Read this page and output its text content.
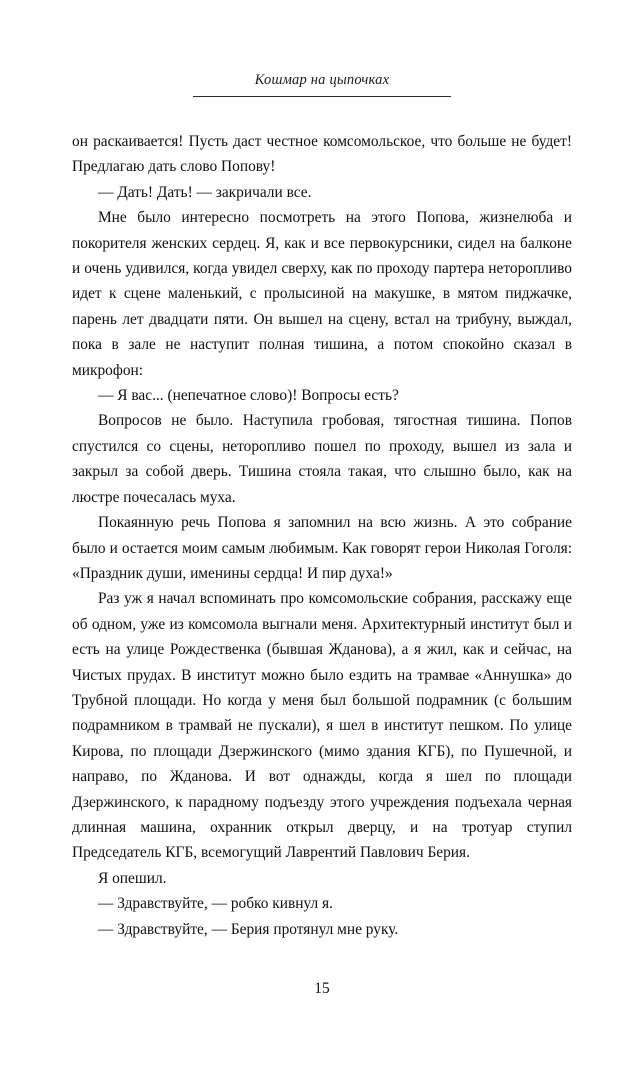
Кошмар на цыпочках

он раскаивается! Пусть даст честное комсомольское, что больше не будет! Предлагаю дать слово Попову!

— Дать! Дать! — закричали все.

Мне было интересно посмотреть на этого Попова, жизнелюба и покорителя женских сердец. Я, как и все первокурсники, сидел на балконе и очень удивился, когда увидел сверху, как по проходу партера неторопливо идет к сцене маленький, с пролысиной на макушке, в мятом пиджачке, парень лет двадцати пяти. Он вышел на сцену, встал на трибуну, выждал, пока в зале не наступит полная тишина, а потом спокойно сказал в микрофон:

— Я вас... (непечатное слово)! Вопросы есть?

Вопросов не было. Наступила гробовая, тягостная тишина. Попов спустился со сцены, неторопливо пошел по проходу, вышел из зала и закрыл за собой дверь. Тишина стояла такая, что слышно было, как на люстре почесалась муха.

Покаянную речь Попова я запомнил на всю жизнь. А это собрание было и остается моим самым любимым. Как говорят герои Николая Гоголя: «Праздник души, именины сердца! И пир духа!»

Раз уж я начал вспоминать про комсомольские собрания, расскажу еще об одном, уже из комсомола выгнали меня. Архитектурный институт был и есть на улице Рождественка (бывшая Жданова), а я жил, как и сейчас, на Чистых прудах. В институт можно было ездить на трамвае «Аннушка» до Трубной площади. Но когда у меня был большой подрамник (с большим подрамником в трамвай не пускали), я шел в институт пешком. По улице Кирова, по площади Дзержинского (мимо здания КГБ), по Пушечной, и направо, по Жданова. И вот однажды, когда я шел по площади Дзержинского, к парадному подъезду этого учреждения подъехала черная длинная машина, охранник открыл дверцу, и на тротуар ступил Председатель КГБ, всемогущий Лаврентий Павлович Берия.

Я опешил.

— Здравствуйте, — робко кивнул я.

— Здравствуйте, — Берия протянул мне руку.

15
